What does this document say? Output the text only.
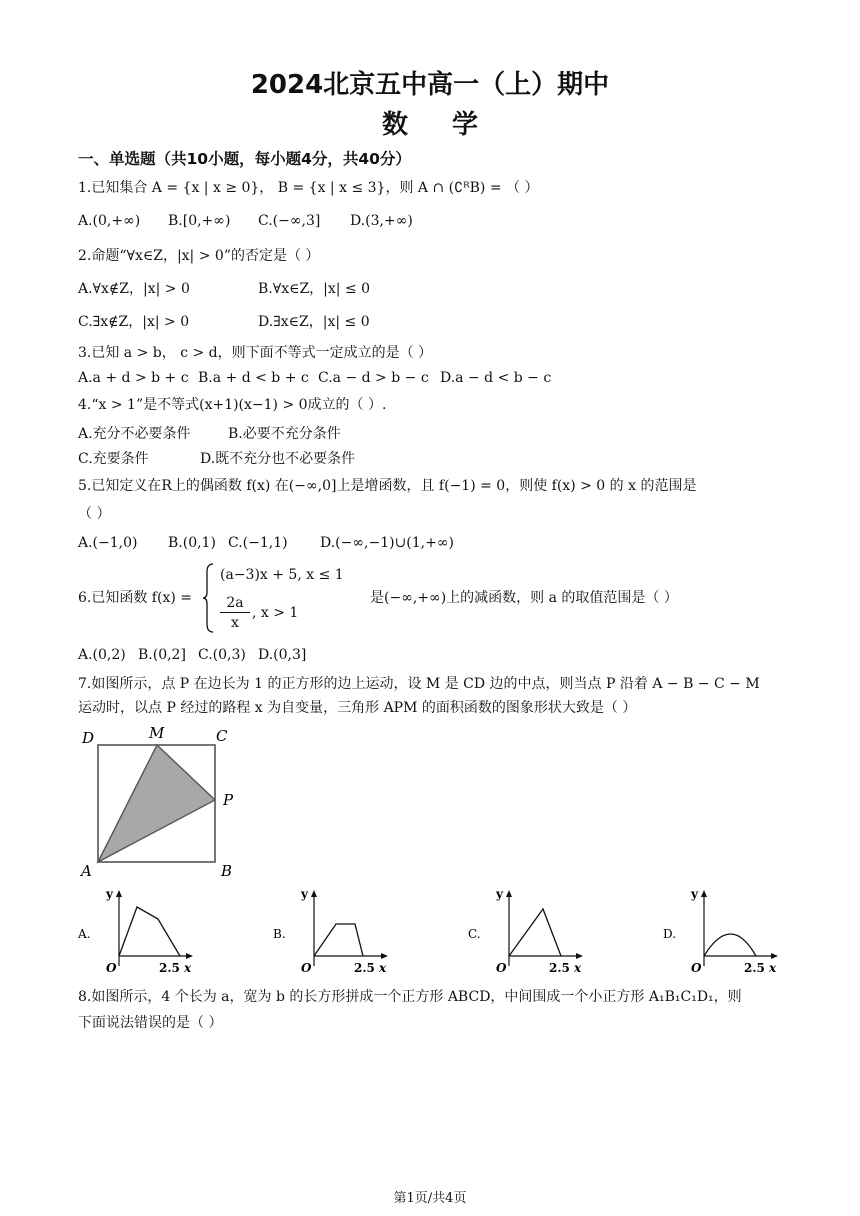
2024北京五中高一（上）期中
数学
一、单选题（共10小题，每小题4分，共40分）
1.已知集合 A = {x | x ≥ 0}， B = {x | x ≤ 3}，则 A ∩ (∁ᴿB) = （ ）
A.(0,+∞) B.[0,+∞) C.(−∞,3] D.(3,+∞)
2.命题“∀x∈Z，|x| > 0”的否定是（ ）
A.∀x∉Z，|x| > 0	B.∀x∈Z，|x| ≤ 0
C.∃x∉Z，|x| > 0	D.∃x∈Z，|x| ≤ 0
3.已知 a > b， c > d，则下面不等式一定成立的是（ ）
A.a + d > b + c B.a + d < b + c C.a − d > b − c D.a − d < b − c
4.“x > 1”是不等式(x+1)(x−1) > 0成立的（ ）.
A.充分不必要条件	B.必要不充分条件
C.充要条件	D.既不充分也不必要条件
5.已知定义在R上的偶函数 f(x) 在(−∞,0]上是增函数，且 f(−1) = 0，则使 f(x) > 0 的 x 的范围是
（ ）
A.(−1,0) B.(0,1) C.(−1,1) D.(−∞,−1)∪(1,+∞)
6.已知函数 f(x) =
(a−3)x + 5, x ≤ 1
2a
x
, x > 1
是(−∞,+∞)上的减函数，则 a 的取值范围是（ ）
A.(0,2) B.(0,2] C.(0,3) D.(0,3]
7.如图所示，点 P 在边长为 1 的正方形的边上运动，设 M 是 CD 边的中点，则当点 P 沿着 A − B − C − M
运动时，以点 P 经过的路程 x 为自变量，三角形 APM 的面积函数的图象形状大致是（ ）
D	M	C
P
A	B
A.
y
O	2.5 x
B.
y
O	2.5 x
C.
y
O	2.5 x
D.
y
O	2.5 x
8.如图所示，4 个长为 a，宽为 b 的长方形拼成一个正方形 ABCD，中间围成一个小正方形 A₁B₁C₁D₁，则
下面说法错误的是（ ）
第1页/共4页
